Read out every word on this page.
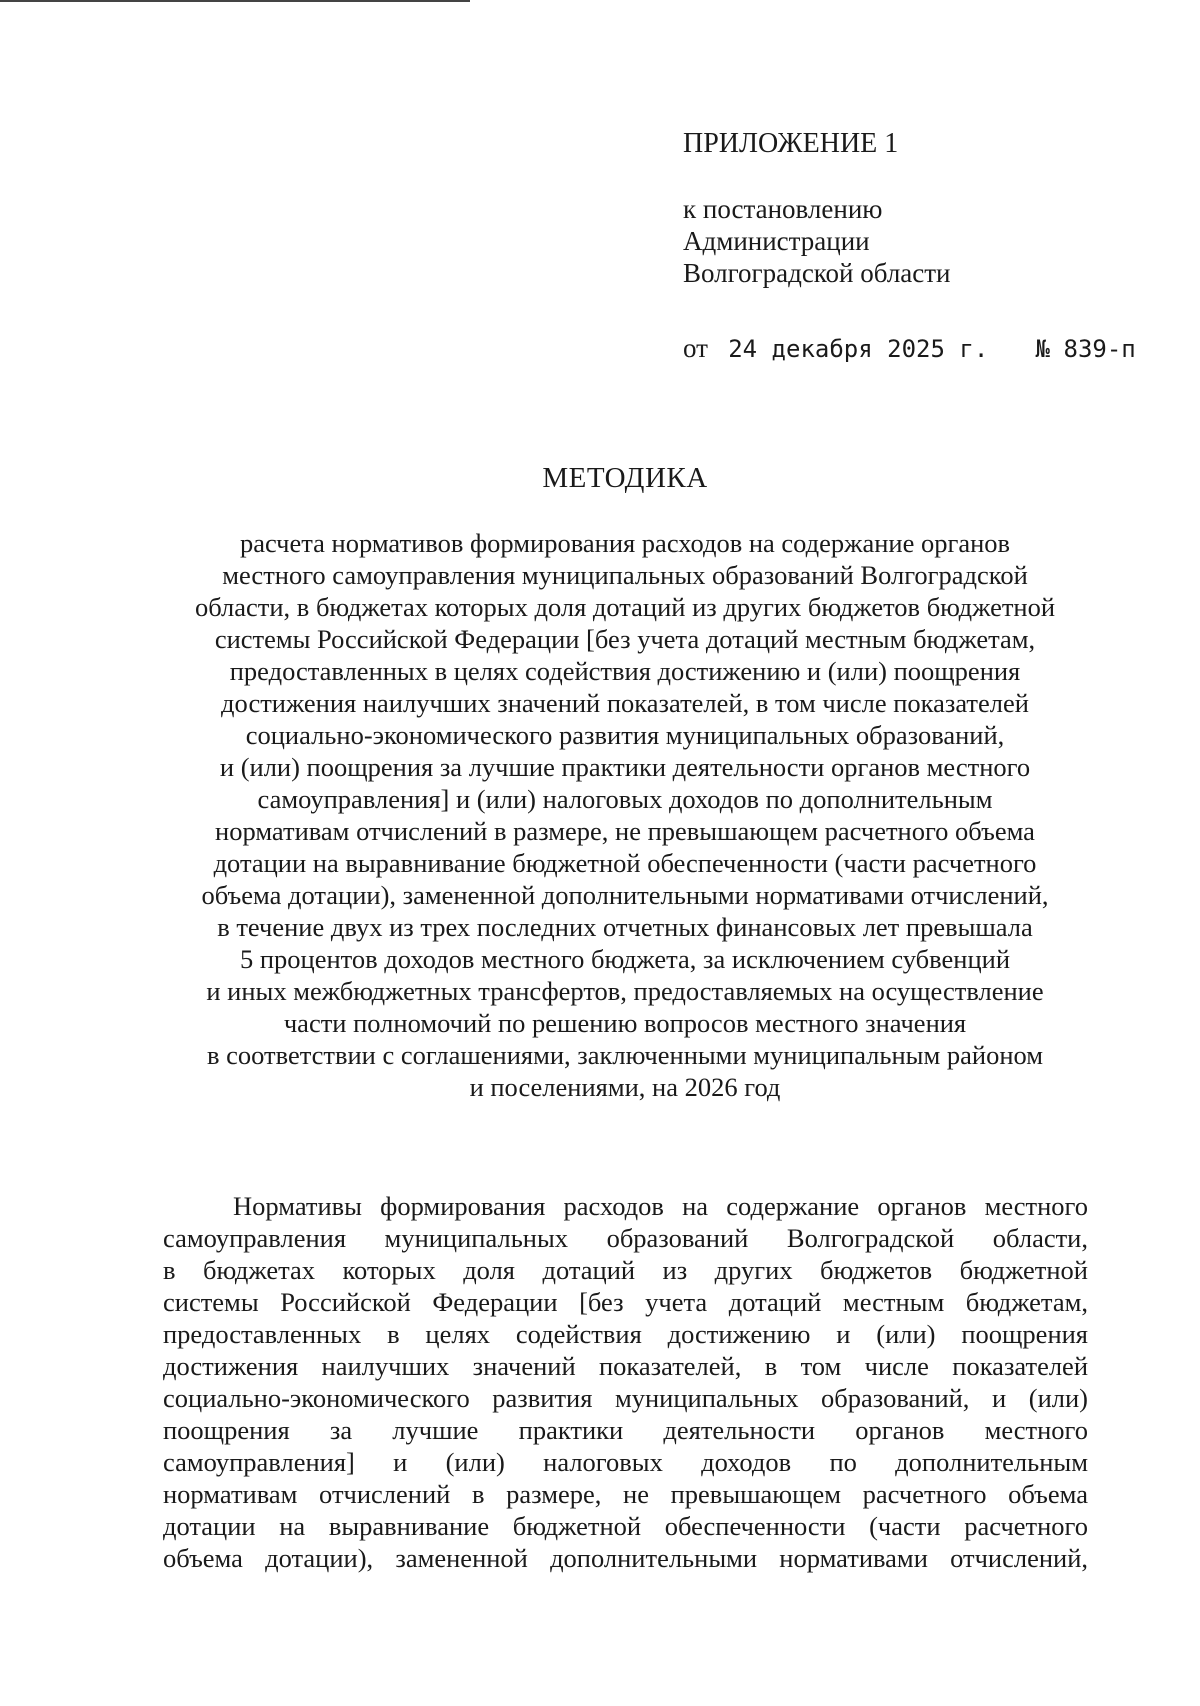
ПРИЛОЖЕНИЕ 1
к постановлению
Администрации
Волгоградской области
от 24 декабря 2025 г. № 839-п
МЕТОДИКА
расчета нормативов формирования расходов на содержание органов
местного самоуправления муниципальных образований Волгоградской
области, в бюджетах которых доля дотаций из других бюджетов бюджетной
системы Российской Федерации [без учета дотаций местным бюджетам,
предоставленных в целях содействия достижению и (или) поощрения
достижения наилучших значений показателей, в том числе показателей
социально-экономического развития муниципальных образований,
и (или) поощрения за лучшие практики деятельности органов местного
самоуправления] и (или) налоговых доходов по дополнительным
нормативам отчислений в размере, не превышающем расчетного объема
дотации на выравнивание бюджетной обеспеченности (части расчетного
объема дотации), замененной дополнительными нормативами отчислений,
в течение двух из трех последних отчетных финансовых лет превышала
5 процентов доходов местного бюджета, за исключением субвенций
и иных межбюджетных трансфертов, предоставляемых на осуществление
части полномочий по решению вопросов местного значения
в соответствии с соглашениями, заключенными муниципальным районом
и поселениями, на 2026 год
Нормативы формирования расходов на содержание органов местного
самоуправления муниципальных образований Волгоградской области,
в бюджетах которых доля дотаций из других бюджетов бюджетной
системы Российской Федерации [без учета дотаций местным бюджетам,
предоставленных в целях содействия достижению и (или) поощрения
достижения наилучших значений показателей, в том числе показателей
социально-экономического развития муниципальных образований, и (или)
поощрения за лучшие практики деятельности органов местного
самоуправления] и (или) налоговых доходов по дополнительным
нормативам отчислений в размере, не превышающем расчетного объема
дотации на выравнивание бюджетной обеспеченности (части расчетного
объема дотации), замененной дополнительными нормативами отчислений,
